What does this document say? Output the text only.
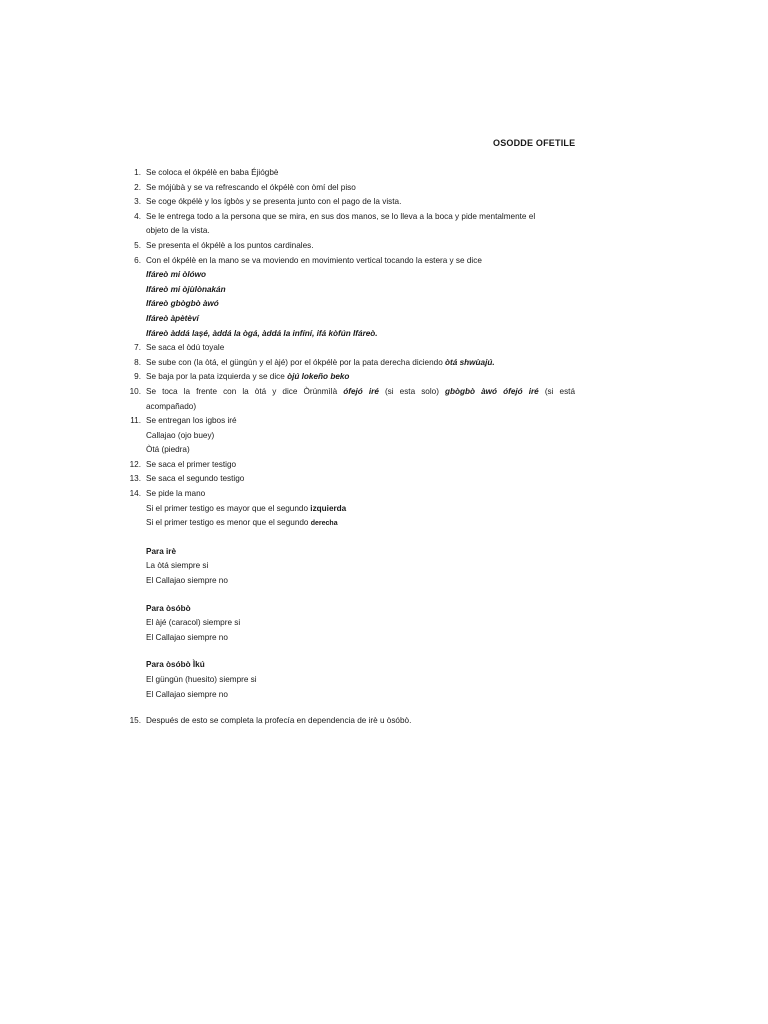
OSODDE OFETILE
1. Se coloca el ókpélè en baba Éjiógbè
2. Se mójùbà y se va refrescando el ókpélè con òmí del piso
3. Se coge ókpélè y los ígbòs y se presenta junto con el pago de la vista.
4. Se le entrega todo a la persona que se mira, en sus dos manos, se lo lleva a la boca y pide mentalmente el
objeto de la vista.
5. Se presenta el ókpélè a los puntos cardinales.
6. Con el ókpélè en la mano se va moviendo en movimiento vertical tocando la estera y se dice
Ifáreò mi òlówo
Ifáreò mi òjùlònakán
Ifáreò gbògbò àwó
Ifáreò àpètèví
Ifáreò àddá lașé, àddá la ògá, àddá la infíní, ifá kòfún Ifáreò.
7. Se saca el òdú toyale
8. Se sube con (la òtá, el güngùn y el àjé) por el ókpélè por la pata derecha diciendo òtá shwùajú.
9. Se baja por la pata izquierda y se dice òjú lokeño beko
10. Se toca la frente con la òtá y dice Òrúnmìlà ófejó iré (si esta solo) gbògbò àwó ófejó iré (si está
acompañado)
11. Se entregan los igbos iré
Callajao (ojo buey)
Òtá (piedra)
12. Se saca el primer testigo
13. Se saca el segundo testigo
14. Se pide la mano
Si el primer testigo es mayor que el segundo izquierda
Si el primer testigo es menor que el segundo derecha
Para irè
La òtá siempre si
El Callajao siempre no
Para òsóbò
El àjé (caracol) siempre si
El Callajao siempre no
Para òsóbò Ìkú
El güngùn (huesito) siempre si
El Callajao siempre no
15. Después de esto se completa la profecía en dependencia de irè u òsóbò.
